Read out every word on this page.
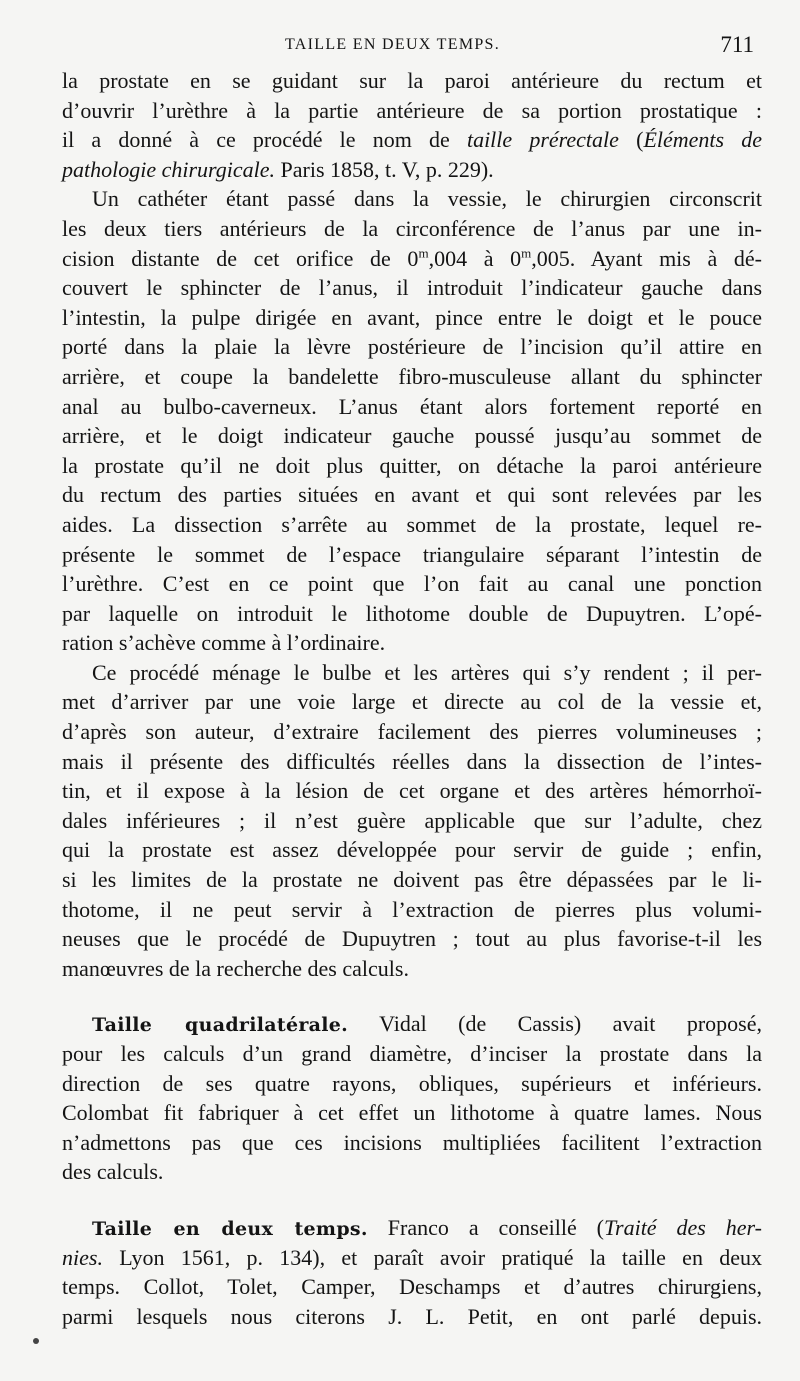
TAILLE EN DEUX TEMPS.	711
la prostate en se guidant sur la paroi antérieure du rectum et
d’ouvrir l’urèthre à la partie antérieure de sa portion prostatique :
il a donné à ce procédé le nom de taille prérectale (Éléments de
pathologie chirurgicale. Paris 1858, t. V, p. 229).
Un cathéter étant passé dans la vessie, le chirurgien circonscrit
les deux tiers antérieurs de la circonférence de l’anus par une in-
cision distante de cet orifice de 0$^m$,004 à 0$^m$,005. Ayant mis à dé-
couvert le sphincter de l’anus, il introduit l’indicateur gauche dans
l’intestin, la pulpe dirigée en avant, pince entre le doigt et le pouce
porté dans la plaie la lèvre postérieure de l’incision qu’il attire en
arrière, et coupe la bandelette fibro-musculeuse allant du sphincter
anal au bulbo-caverneux. L’anus étant alors fortement reporté en
arrière, et le doigt indicateur gauche poussé jusqu’au sommet de
la prostate qu’il ne doit plus quitter, on détache la paroi antérieure
du rectum des parties situées en avant et qui sont relevées par les
aides. La dissection s’arrête au sommet de la prostate, lequel re-
présente le sommet de l’espace triangulaire séparant l’intestin de
l’urèthre. C’est en ce point que l’on fait au canal une ponction
par laquelle on introduit le lithotome double de Dupuytren. L’opé-
ration s’achève comme à l’ordinaire.
Ce procédé ménage le bulbe et les artères qui s’y rendent ; il per-
met d’arriver par une voie large et directe au col de la vessie et,
d’après son auteur, d’extraire facilement des pierres volumineuses ;
mais il présente des difficultés réelles dans la dissection de l’intes-
tin, et il expose à la lésion de cet organe et des artères hémorrhoï-
dales inférieures ; il n’est guère applicable que sur l’adulte, chez
qui la prostate est assez développée pour servir de guide ; enfin,
si les limites de la prostate ne doivent pas être dépassées par le li-
thotome, il ne peut servir à l’extraction de pierres plus volumi-
neuses que le procédé de Dupuytren ; tout au plus favorise-t-il les
manœuvres de la recherche des calculs.
Taille quadrilatérale. Vidal (de Cassis) avait proposé,
pour les calculs d’un grand diamètre, d’inciser la prostate dans la
direction de ses quatre rayons, obliques, supérieurs et inférieurs.
Colombat fit fabriquer à cet effet un lithotome à quatre lames. Nous
n’admettons pas que ces incisions multipliées facilitent l’extraction
des calculs.
Taille en deux temps. Franco a conseillé (Traité des her-
nies. Lyon 1561, p. 134), et paraît avoir pratiqué la taille en deux
temps. Collot, Tolet, Camper, Deschamps et d’autres chirurgiens,
parmi lesquels nous citerons J. L. Petit, en ont parlé depuis.
